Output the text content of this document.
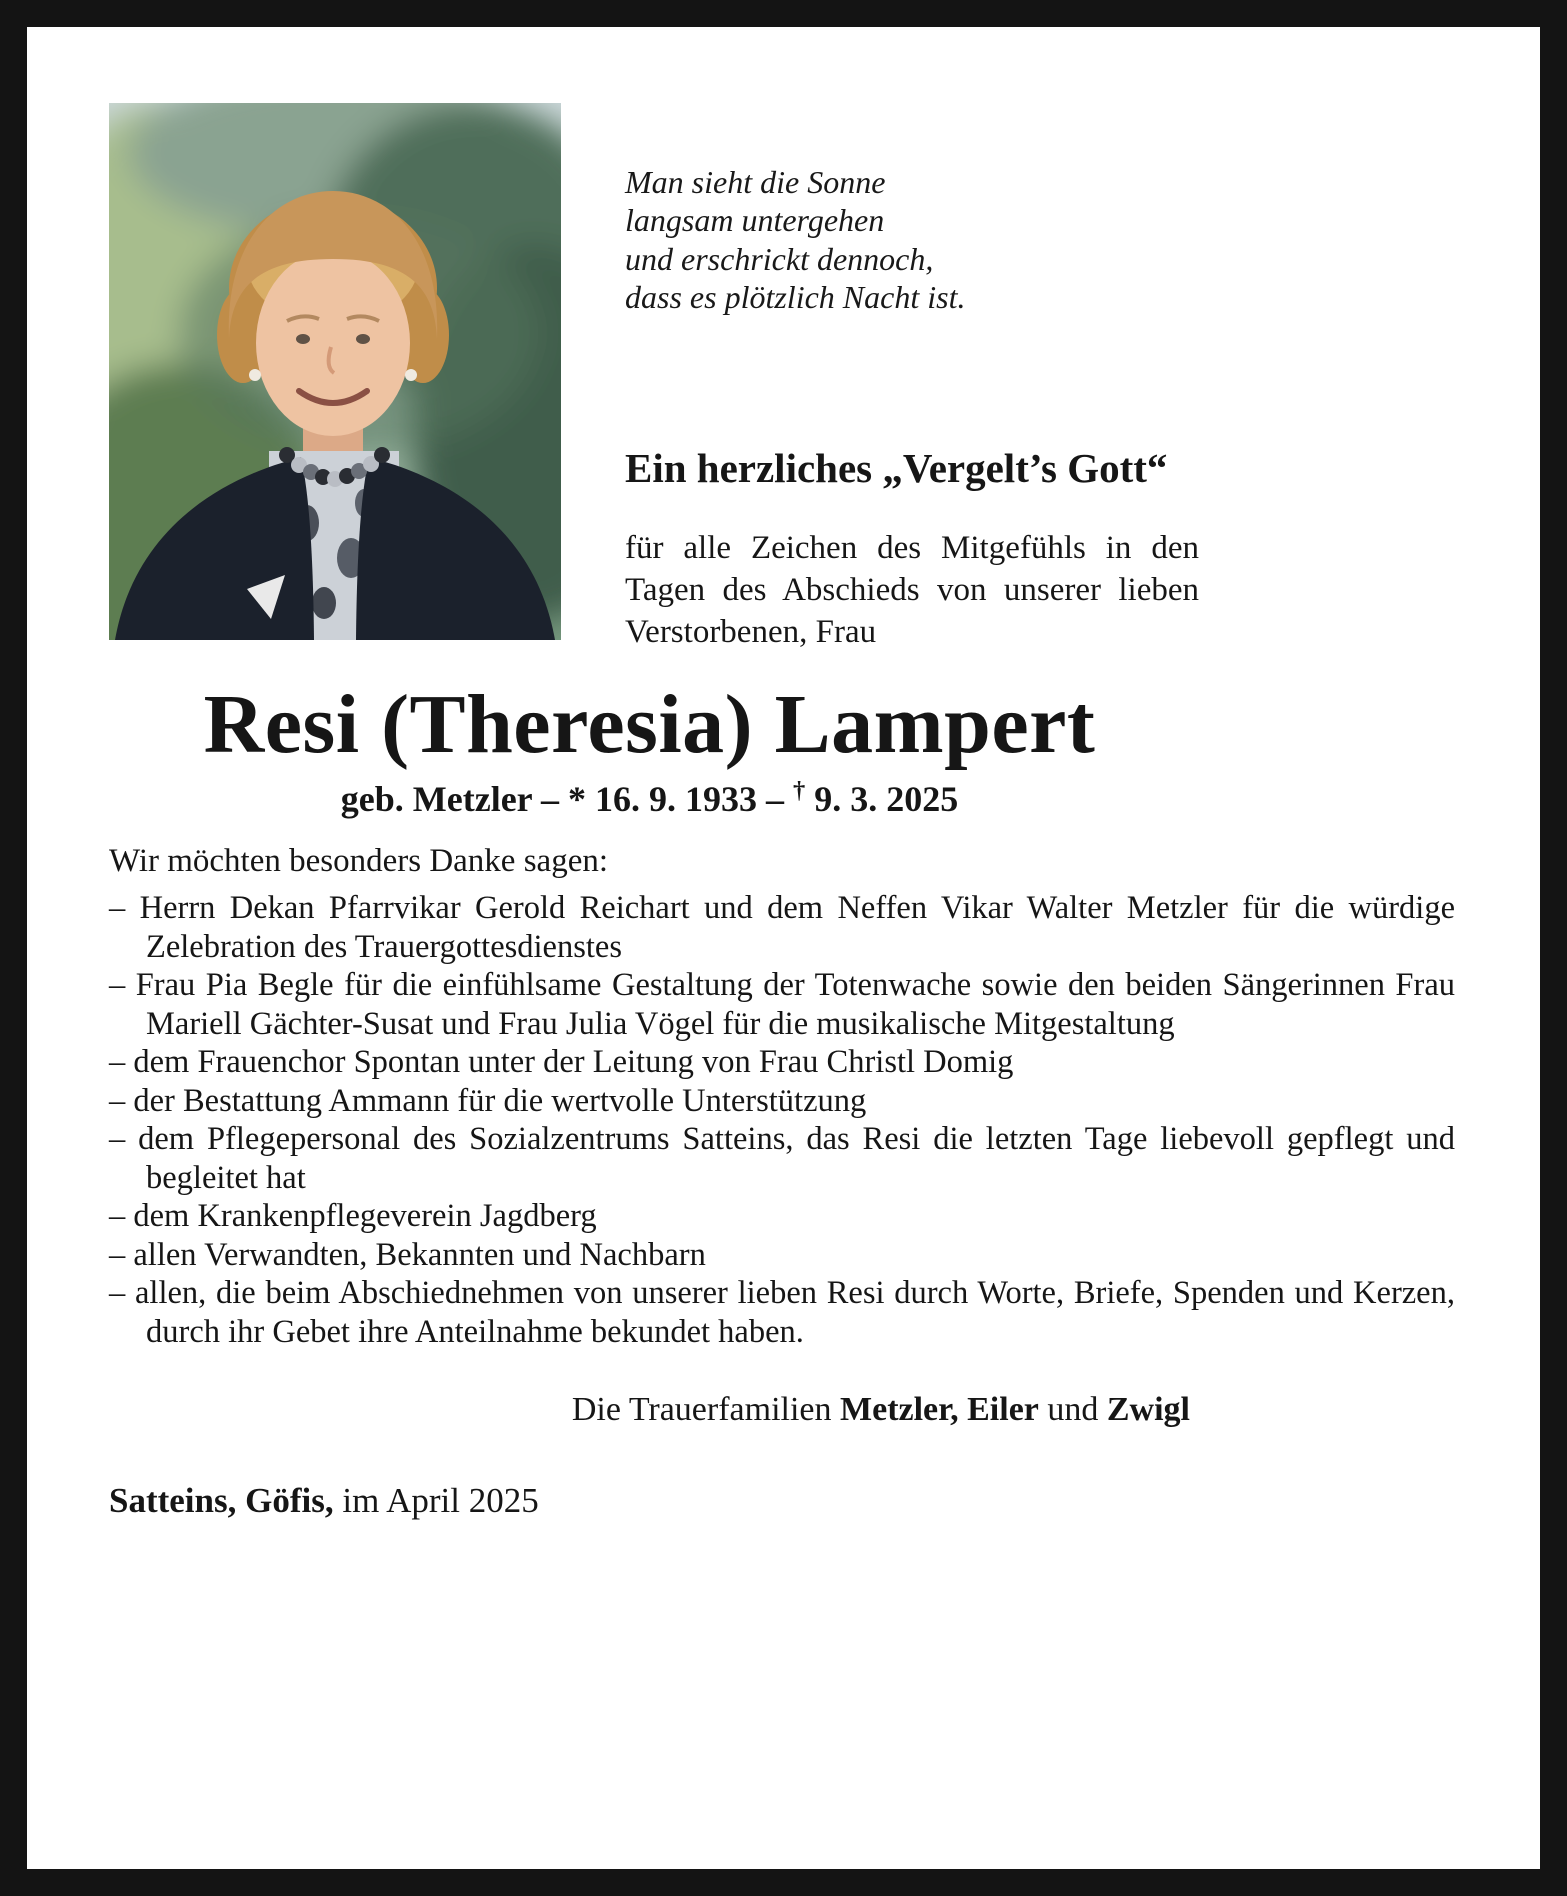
Man sieht die Sonne
langsam untergehen
und erschrickt dennoch,
dass es plötzlich Nacht ist.
Ein herzliches „Vergelt’s Gott“

für alle Zeichen des Mitgefühls in den Tagen des Abschieds von unserer lieben Verstorbenen, Frau

Resi (Theresia) Lampert
geb. Metzler – * 16. 9. 1933 – † 9. 3. 2025
Wir möchten besonders Danke sagen:
– Herrn Dekan Pfarrvikar Gerold Reichart und dem Neffen Vikar Walter Metzler für die würdige Zelebration des Trauergottesdienstes
– Frau Pia Begle für die einfühlsame Gestaltung der Totenwache sowie den beiden Sängerinnen Frau Mariell Gächter-Susat und Frau Julia Vögel für die musikalische Mitgestaltung
– dem Frauenchor Spontan unter der Leitung von Frau Christl Domig
– der Bestattung Ammann für die wertvolle Unterstützung
– dem Pflegepersonal des Sozialzentrums Satteins, das Resi die letzten Tage liebevoll gepflegt und begleitet hat
– dem Krankenpflegeverein Jagdberg
– allen Verwandten, Bekannten und Nachbarn
– allen, die beim Abschiednehmen von unserer lieben Resi durch Worte, Briefe, Spenden und Kerzen, durch ihr Gebet ihre Anteilnahme bekundet haben.
Die Trauerfamilien Metzler, Eiler und Zwigl
Satteins, Göfis, im April 2025
